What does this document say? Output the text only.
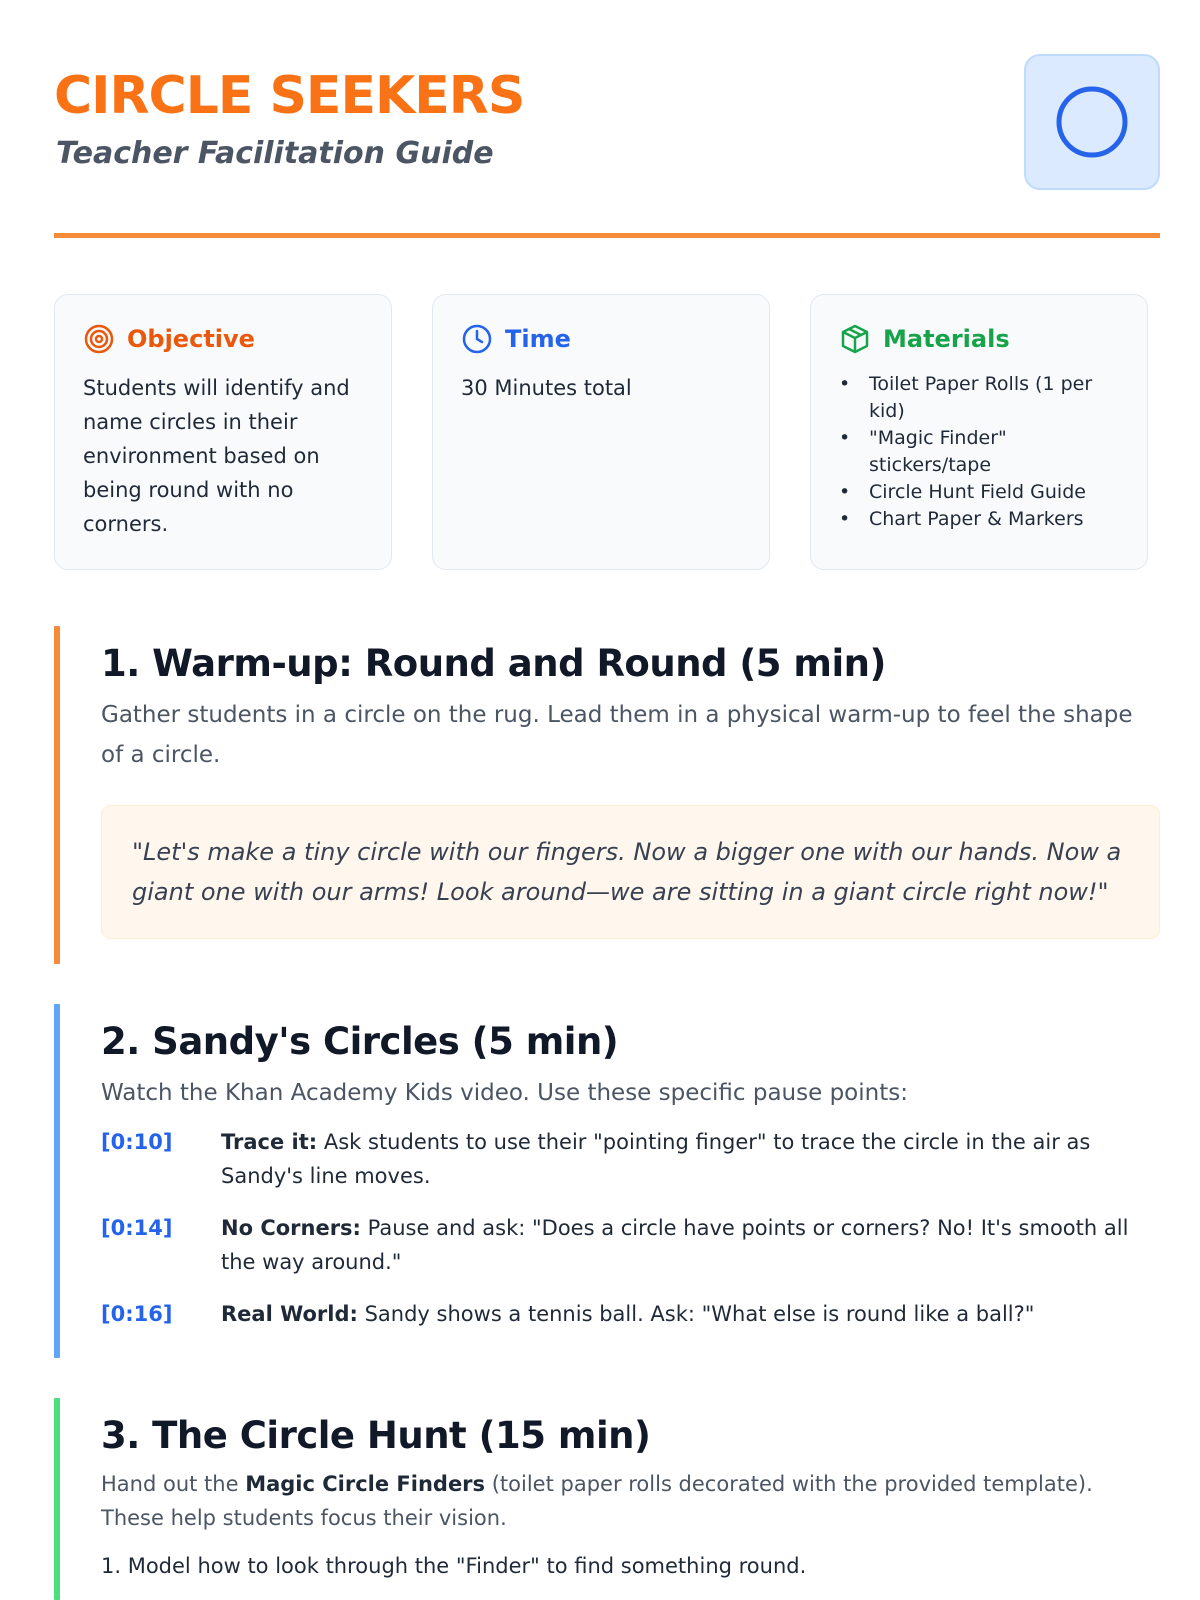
CIRCLE SEEKERS
Teacher Facilitation Guide
Objective
Students will identify and name circles in their environment based on being round with no corners.
Time
30 Minutes total
Materials
• Toilet Paper Rolls (1 per kid)
• "Magic Finder" stickers/tape
• Circle Hunt Field Guide
• Chart Paper & Markers
1. Warm-up: Round and Round (5 min)
Gather students in a circle on the rug. Lead them in a physical warm-up to feel the shape of a circle.
"Let's make a tiny circle with our fingers. Now a bigger one with our hands. Now a giant one with our arms! Look around—we are sitting in a giant circle right now!"
2. Sandy's Circles (5 min)
Watch the Khan Academy Kids video. Use these specific pause points:
[0:10]	Trace it: Ask students to use their "pointing finger" to trace the circle in the air as Sandy's line moves.
[0:14]	No Corners: Pause and ask: "Does a circle have points or corners? No! It's smooth all the way around."
[0:16]	Real World: Sandy shows a tennis ball. Ask: "What else is round like a ball?"
3. The Circle Hunt (15 min)
Hand out the Magic Circle Finders (toilet paper rolls decorated with the provided template). These help students focus their vision.
1. Model how to look through the "Finder" to find something round.
